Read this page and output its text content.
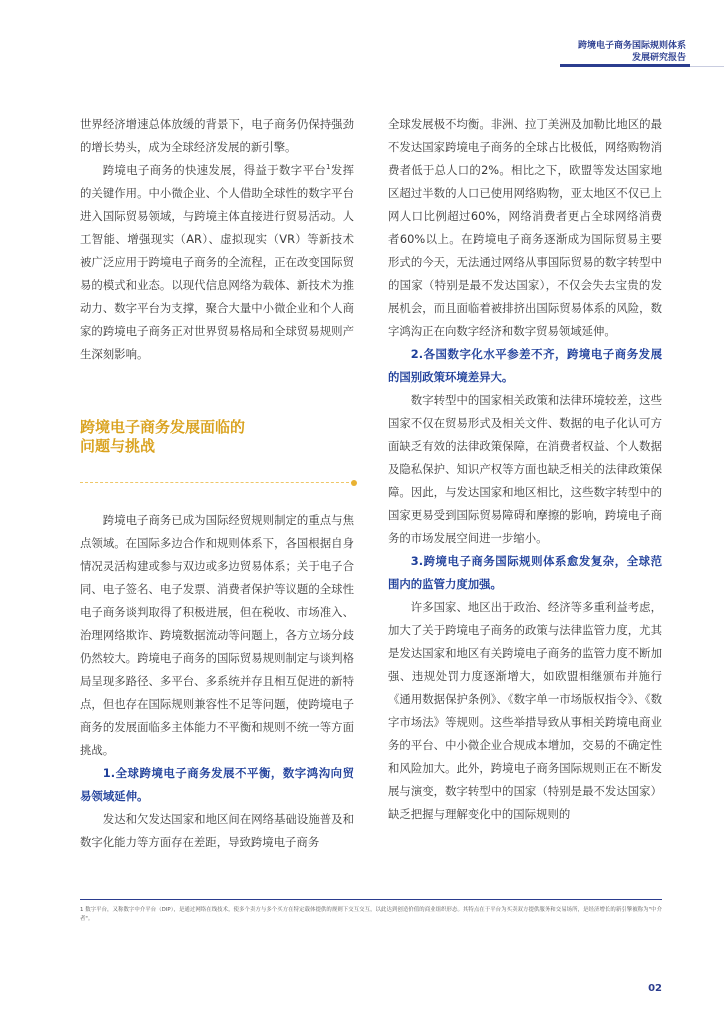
跨境电子商务国际规则体系
发展研究报告

世界经济增速总体放缓的背景下，电子商务仍保持强劲的增长势头，成为全球经济发展的新引擎。

跨境电子商务的快速发展，得益于数字平台$^1$发挥的关键作用。中小微企业、个人借助全球性的数字平台进入国际贸易领域，与跨境主体直接进行贸易活动。人工智能、增强现实（AR）、虚拟现实（VR）等新技术被广泛应用于跨境电子商务的全流程，正在改变国际贸易的模式和业态。以现代信息网络为载体、新技术为推动力、数字平台为支撑，聚合大量中小微企业和个人商家的跨境电子商务正对世界贸易格局和全球贸易规则产生深刻影响。

跨境电子商务发展面临的
问题与挑战

跨境电子商务已成为国际经贸规则制定的重点与焦点领域。在国际多边合作和规则体系下，各国根据自身情况灵活构建或参与双边或多边贸易体系；关于电子合同、电子签名、电子发票、消费者保护等议题的全球性电子商务谈判取得了积极进展，但在税收、市场准入、治理网络欺诈、跨境数据流动等问题上，各方立场分歧仍然较大。跨境电子商务的国际贸易规则制定与谈判格局呈现多路径、多平台、多系统并存且相互促进的新特点，但也存在国际规则兼容性不足等问题，使跨境电子商务的发展面临多主体能力不平衡和规则不统一等方面挑战。

1.全球跨境电子商务发展不平衡，数字鸿沟向贸易领域延伸。

发达和欠发达国家和地区间在网络基础设施普及和数字化能力等方面存在差距，导致跨境电子商务

全球发展极不均衡。非洲、拉丁美洲及加勒比地区的最不发达国家跨境电子商务的全球占比极低，网络购物消费者低于总人口的2%。相比之下，欧盟等发达国家地区超过半数的人口已使用网络购物，亚太地区不仅已上网人口比例超过60%，网络消费者更占全球网络消费者60%以上。在跨境电子商务逐渐成为国际贸易主要形式的今天，无法通过网络从事国际贸易的数字转型中的国家（特别是最不发达国家），不仅会失去宝贵的发展机会，而且面临着被排挤出国际贸易体系的风险，数字鸿沟正在向数字经济和数字贸易领域延伸。

2.各国数字化水平参差不齐，跨境电子商务发展的国别政策环境差异大。

数字转型中的国家相关政策和法律环境较差，这些国家不仅在贸易形式及相关文件、数据的电子化认可方面缺乏有效的法律政策保障，在消费者权益、个人数据及隐私保护、知识产权等方面也缺乏相关的法律政策保障。因此，与发达国家和地区相比，这些数字转型中的国家更易受到国际贸易障碍和摩擦的影响，跨境电子商务的市场发展空间进一步缩小。

3.跨境电子商务国际规则体系愈发复杂，全球范围内的监管力度加强。

许多国家、地区出于政治、经济等多重利益考虑，加大了关于跨境电子商务的政策与法律监管力度，尤其是发达国家和地区有关跨境电子商务的监管力度不断加强、违规处罚力度逐渐增大，如欧盟相继颁布并施行《通用数据保护条例》、《数字单一市场版权指令》、《数字市场法》等规则。这些举措导致从事相关跨境电商业务的平台、中小微企业合规成本增加，交易的不确定性和风险加大。此外，跨境电子商务国际规则正在不断发展与演变，数字转型中的国家（特别是最不发达国家）缺乏把握与理解变化中的国际规则的

1 数字平台，又称数字中介平台（DIP），是通过网络在线技术，使多个卖方与多个买方在特定载体提供的规则下交互交互，以此达到创造价值的商业组织形态。其特点在于平台为买卖双方提供服务和交易场所，是经济增长的新引擎被称为"中介者"。
02
